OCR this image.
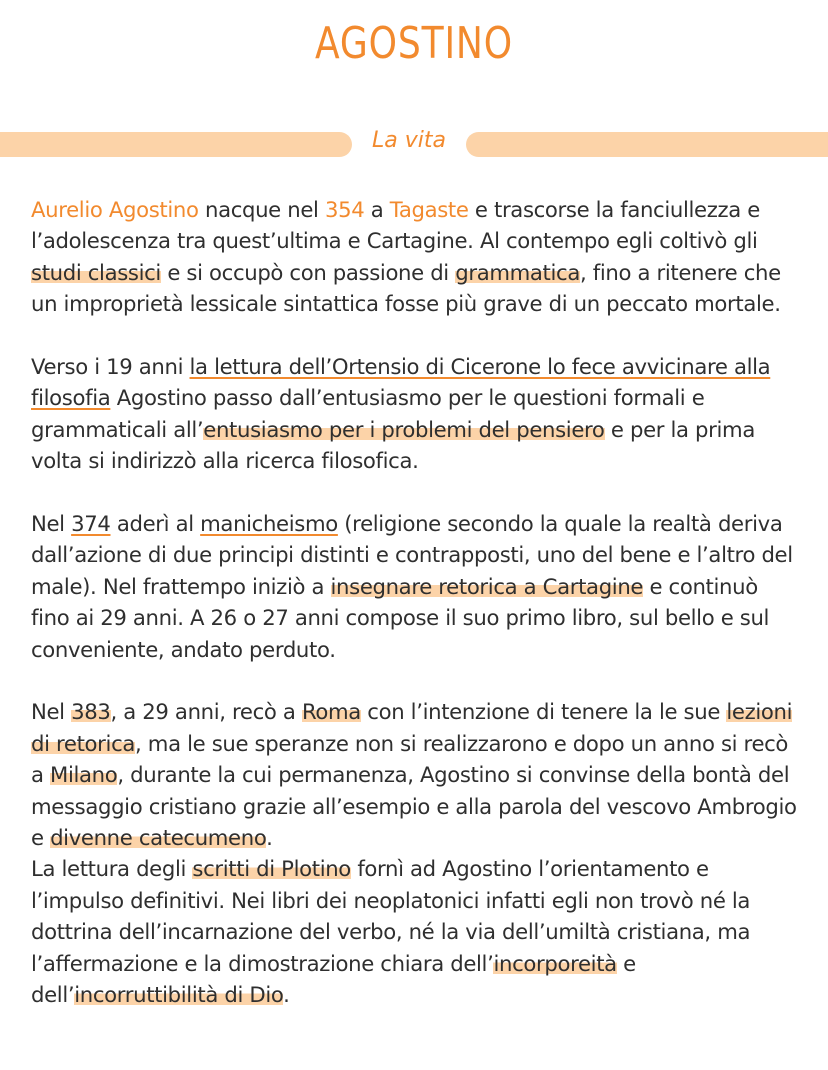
AGOSTINO
La vita

Aurelio Agostino nacque nel 354 a Tagaste e trascorse la fanciullezza e l’adolescenza tra quest’ultima e Cartagine. Al contempo egli coltivò gli studi classici e si occupò con passione di grammatica, fino a ritenere che un improprietà lessicale sintattica fosse più grave di un peccato mortale.

Verso i 19 anni la lettura dell’Ortensio di Cicerone lo fece avvicinare alla filosofia Agostino passo dall’entusiasmo per le questioni formali e grammaticali all’entusiasmo per i problemi del pensiero e per la prima volta si indirizzò alla ricerca filosofica.

Nel 374 aderì al manicheismo (religione secondo la quale la realtà deriva dall’azione di due principi distinti e contrapposti, uno del bene e l’altro del male). Nel frattempo iniziò a insegnare retorica a Cartagine e continuò fino ai 29 anni. A 26 o 27 anni compose il suo primo libro, sul bello e sul conveniente, andato perduto.

Nel 383, a 29 anni, recò a Roma con l’intenzione di tenere la le sue lezioni di retorica, ma le sue speranze non si realizzarono e dopo un anno si recò a Milano, durante la cui permanenza, Agostino si convinse della bontà del messaggio cristiano grazie all’esempio e alla parola del vescovo Ambrogio e divenne catecumeno.

La lettura degli scritti di Plotino fornì ad Agostino l’orientamento e l’impulso definitivi. Nei libri dei neoplatonici infatti egli non trovò né la dottrina dell’incarnazione del verbo, né la via dell’umiltà cristiana, ma l’affermazione e la dimostrazione chiara dell’incorporeità e dell’incorruttibilità di Dio.
